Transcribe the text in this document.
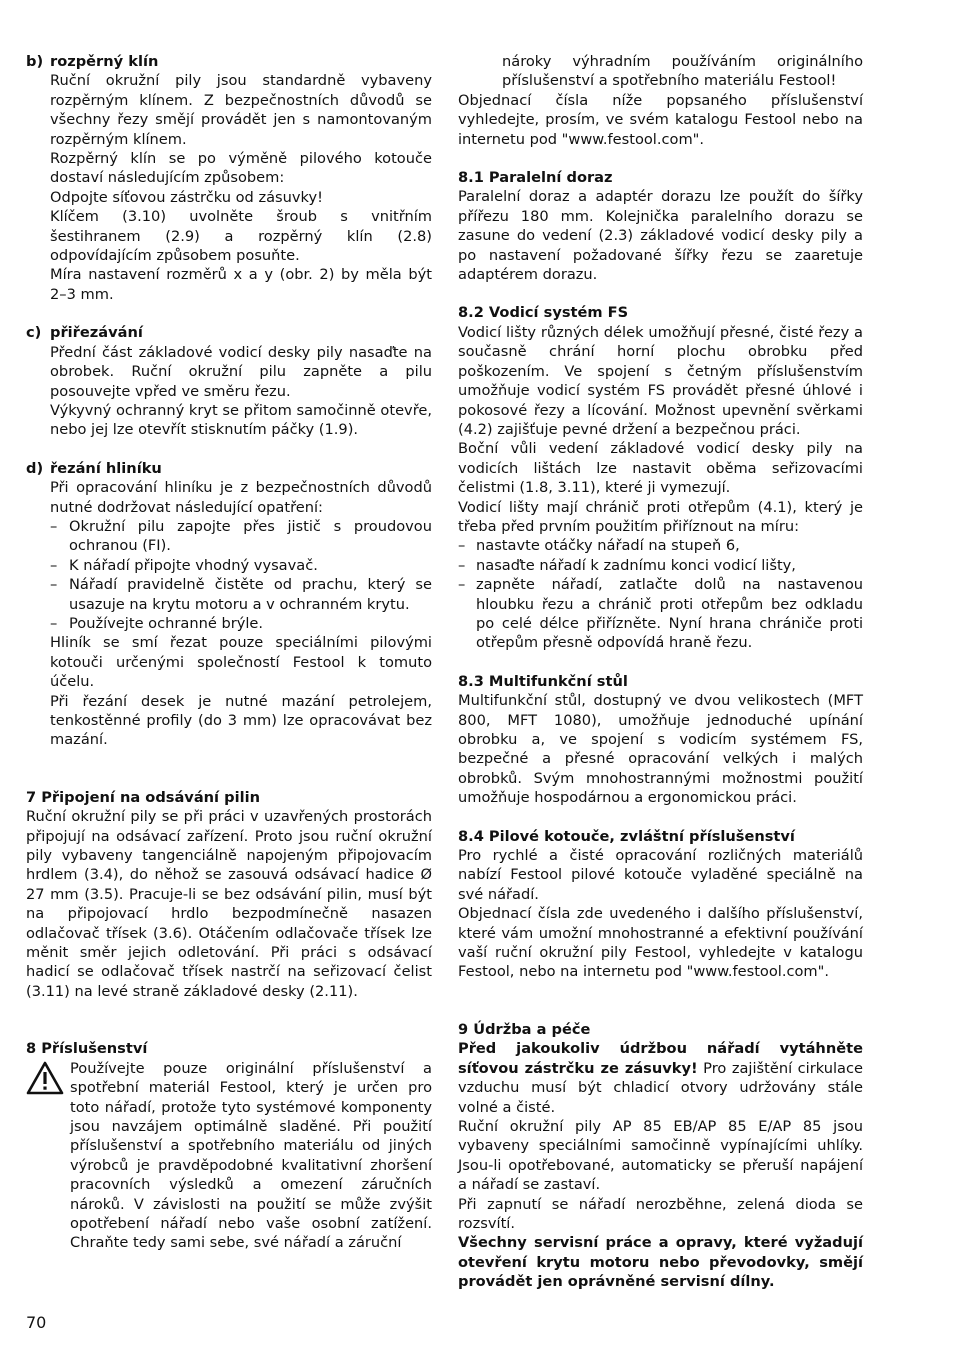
b) rozpěrný klín

Ruční okružní pily jsou standardně vybaveny rozpěrným klínem. Z bezpečnostních důvodů se všechny řezy smějí provádět jen s namontovaným rozpěrným klínem.

Rozpěrný klín se po výměně pilového kotouče dostaví následujícím způsobem:

Odpojte síťovou zástrčku od zásuvky!

Klíčem (3.10) uvolněte šroub s vnitřním šestihranem (2.9) a rozpěrný klín (2.8) odpovídajícím způsobem posuňte.

Míra nastavení rozměrů x a y (obr. 2) by měla být 2–3 mm.

c) přiřezávání

Přední část základové vodicí desky pily nasaďte na obrobek. Ruční okružní pilu zapněte a pilu posouvejte vpřed ve směru řezu.

Výkyvný ochranný kryt se přitom samočinně otevře, nebo jej lze otevřít stisknutím páčky (1.9).

d) řezání hliníku

Při opracování hliníku je z bezpečnostních důvodů nutné dodržovat následující opatření:

– Okružní pilu zapojte přes jistič s proudovou ochranou (FI).
– K nářadí připojte vhodný vysavač.
– Nářadí pravidelně čistěte od prachu, který se usazuje na krytu motoru a v ochranném krytu.
– Používejte ochranné brýle.

Hliník se smí řezat pouze speciálními pilovými kotouči určenými společností Festool k tomuto účelu.

Při řezání desek je nutné mazání petrolejem, tenkostěnné profily (do 3 mm) lze opracovávat bez mazání.

7 Připojení na odsávání pilin

Ruční okružní pily se při práci v uzavřených prostorách připojují na odsávací zařízení. Proto jsou ruční okružní pily vybaveny tangenciálně napojeným připojovacím hrdlem (3.4), do něhož se zasouvá odsávací hadice Ø 27 mm (3.5). Pracuje-li se bez odsávání pilin, musí být na připojovací hrdlo bezpodmínečně nasazen odlačovač třísek (3.6). Otáčením odlačovače třísek lze měnit směr jejich odletování. Při práci s odsávací hadicí se odlačovač třísek nastrčí na seřizovací čelist (3.11) na levé straně základové desky (2.11).

8 Příslušenství

Používejte pouze originální příslušenství a spotřební materiál Festool, který je určen pro toto nářadí, protože tyto systémové komponenty jsou navzájem optimálně sladěné. Při použití příslušenství a spotřebního materiálu od jiných výrobců je pravděpodobné kvalitativní zhoršení pracovních výsledků a omezení záručních nároků. V závislosti na použití se může zvýšit opotřebení nářadí nebo vaše osobní zatížení. Chraňte tedy sami sebe, své nářadí a záruční

nároky výhradním používáním originálního příslušenství a spotřebního materiálu Festool!

Objednací čísla níže popsaného příslušenství vyhledejte, prosím, ve svém katalogu Festool nebo na internetu pod "www.festool.com".

8.1 Paralelní doraz

Paralelní doraz a adaptér dorazu lze použít do šířky přířezu 180 mm. Kolejnička paralelního dorazu se zasune do vedení (2.3) základové vodicí desky pily a po nastavení požadované šířky řezu se zaaretuje adaptérem dorazu.

8.2 Vodicí systém FS

Vodicí lišty různých délek umožňují přesné, čisté řezy a současně chrání horní plochu obrobku před poškozením. Ve spojení s četným příslušenstvím umožňuje vodicí systém FS provádět přesné úhlové i pokosové řezy a lícování. Možnost upevnění svěrkami (4.2) zajišťuje pevné držení a bezpečnou práci.

Boční vůli vedení základové vodicí desky pily na vodicích lištách lze nastavit oběma seřizovacími čelistmi (1.8, 3.11), které ji vymezují.

Vodicí lišty mají chránič proti otřepům (4.1), který je třeba před prvním použitím přiříznout na míru:

– nastavte otáčky nářadí na stupeň 6,
– nasaďte nářadí k zadnímu konci vodicí lišty,
– zapněte nářadí, zatlačte dolů na nastavenou hloubku řezu a chránič proti otřepům bez odkladu po celé délce přiřízněte. Nyní hrana chrániče proti otřepům přesně odpovídá hraně řezu.

8.3 Multifunkční stůl

Multifunkční stůl, dostupný ve dvou velikostech (MFT 800, MFT 1080), umožňuje jednoduché upínání obrobku a, ve spojení s vodicím systémem FS, bezpečné a přesné opracování velkých i malých obrobků. Svým mnohostrannými možnostmi použití umožňuje hospodárnou a ergonomickou práci.

8.4 Pilové kotouče, zvláštní příslušenství

Pro rychlé a čisté opracování rozličných materiálů nabízí Festool pilové kotouče vyladěné speciálně na své nářadí.

Objednací čísla zde uvedeného i dalšího příslušenství, které vám umožní mnohostranné a efektivní používání vaší ruční okružní pily Festool, vyhledejte v katalogu Festool, nebo na internetu pod "www.festool.com".

9 Údržba a péče

Před jakoukoliv údržbou nářadí vytáhněte síťovou zástrčku ze zásuvky! Pro zajištění cirkulace vzduchu musí být chladicí otvory udržovány stále volné a čisté.

Ruční okružní pily AP 85 EB/AP 85 E/AP 85 jsou vybaveny speciálními samočinně vypínajícími uhlíky. Jsou-li opotřebované, automaticky se přeruší napájení a nářadí se zastaví.

Při zapnutí se nářadí nerozběhne, zelená dioda se rozsvítí.

Všechny servisní práce a opravy, které vyžadují otevření krytu motoru nebo převodovky, smějí provádět jen oprávněné servisní dílny.

70
